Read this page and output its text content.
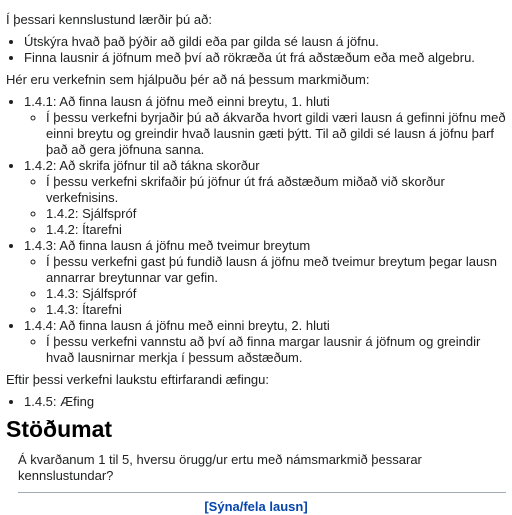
Í þessari kennslustund lærðir þú að:

• Útskýra hvað það þýðir að gildi eða par gilda sé lausn á jöfnu.
• Finna lausnir á jöfnum með því að rökræða út frá aðstæðum eða með algebru.

Hér eru verkefnin sem hjálpuðu þér að ná þessum markmiðum:

• 1.4.1: Að finna lausn á jöfnu með einni breytu, 1. hluti
◦ Í þessu verkefni byrjaðir þú að ákvarða hvort gildi væri lausn á gefinni jöfnu með einni breytu og greindir hvað lausnin gæti þýtt. Til að gildi sé lausn á jöfnu þarf það að gera jöfnuna sanna.
• 1.4.2: Að skrifa jöfnur til að tákna skorður
◦ Í þessu verkefni skrifaðir þú jöfnur út frá aðstæðum miðað við skorður verkefnisins.
◦ 1.4.2: Sjálfspróf
◦ 1.4.2: Ítarefni
• 1.4.3: Að finna lausn á jöfnu með tveimur breytum
◦ Í þessu verkefni gast þú fundið lausn á jöfnu með tveimur breytum þegar lausn annarrar breytunnar var gefin.
◦ 1.4.3: Sjálfspróf
◦ 1.4.3: Ítarefni
• 1.4.4: Að finna lausn á jöfnu með einni breytu, 2. hluti
◦ Í þessu verkefni vannstu að því að finna margar lausnir á jöfnum og greindir hvað lausnirnar merkja í þessum aðstæðum.

Eftir þessi verkefni laukstu eftirfarandi æfingu:

• 1.4.5: Æfing
Stöðumat

Á kvarðanum 1 til 5, hversu örugg/ur ertu með námsmarkmið þessarar kennslustundar?

[Sýna/fela lausn]
